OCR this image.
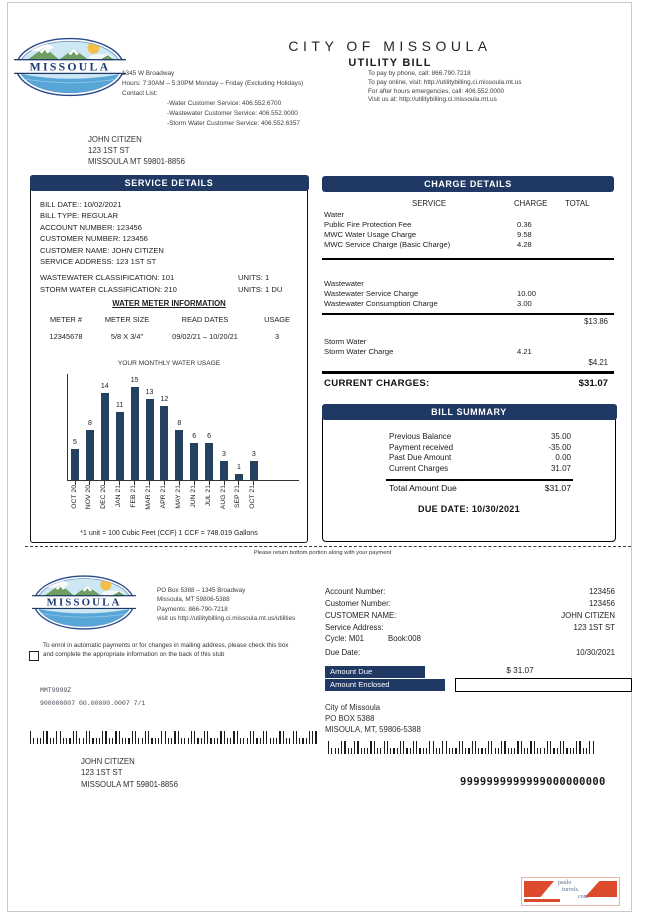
MISSOULA
CITY OF MISSOULA
UTILITY BILL
1345 W Broadway
Hours: 7:30AM – 5:30PM Monday – Friday (Excluding Holidays)
Contact List:
-Water Customer Service: 406.552.6700
-Wastewater Customer Service: 406.552.0000
-Storm Water Customer Service: 406.552.6357
To pay by phone, call: 866.790.7218
To pay online, visit: http://utilitybilling.ci.missoula.mt.us
For after hours emergencies, call: 406.552.0000
Visit us at: http://utilitybilling.ci.missoula.mt.us
JOHN CITIZEN
123 1ST ST
MISSOULA MT 59801-8856
SERVICE DETAILS
BILL DATE:: 10/02/2021
BILL TYPE: REGULAR
ACCOUNT NUMBER: 123456
CUSTOMER NUMBER: 123456
CUSTOMER NAME: JOHN CITIZEN
SERVICE ADDRESS: 123 1ST ST
WASTEWATER CLASSIFICATION: 101	UNITS: 1
STORM WATER CLASSIFICATION: 210	UNITS: 1 DU
WATER METER INFORMATION
METER #	METER SIZE	READ DATES	USAGE
12345678	5/8 X 3/4"	09/02/21 – 10/20/21	3
YOUR MONTHLY WATER USAGE
5
OCT 20
8
NOV 20
14
DEC 20
11
JAN 21
15
FEB 21
13
MAR 21
12
APR 21
8
MAY 21
6
JUN 21
6
JUL 21
3
AUG 21
1
SEP 21
3
OCT 21
*1 unit = 100 Cubic Feet (CCF) 1 CCF = 748.019 Gallons
CHARGE DETAILS
SERVICE	CHARGE TOTAL
Water
Public Fire Protection Fee	0.36
MWC Water Usage Charge	9.58
MWC Service Charge (Basic Charge)	4.28
Wastewater
Wastewater Service Charge	10.00
Wastewater Consumption Charge	3.00
$13.86
Storm Water
Storm Water Charge	4.21
$4.21
CURRENT CHARGES:	$31.07
BILL SUMMARY
Previous Balance	35.00
Payment received	-35.00
Past Due Amount	0.00
Current Charges	31.07
Total Amount Due	$31.07
DUE DATE: 10/30/2021
Please return bottom portion along with your payment
MISSOULA
PO Box 5388 – 1345 Broadway
Missoula, MT 59806-5388
Payments: 866-790-7218
visit us http://utilitybilling.ci.missoula.mt.us/utilities
Account Number:	123456
Customer Number:	123456
CUSTOMER NAME:	JOHN CITIZEN
Service Address:	123 1ST ST
Cycle: M01	Book:008
Due Date:	10/30/2021
Amount Due	$ 31.07
Amount Enclosed
To enrol in automatic payments or for changes in mailing address, please check this box and complete the appropriate information on the back of this stub
MMT9999Z
900000007 00.00000.0007 7/1	City of Missoula
PO BOX 5388
MISOULA, MT, 59806-5388
JOHN CITIZEN
123 1ST ST
MISSOULA MT 59801-8856	9999999999999000000000
paulo
travels.
com
